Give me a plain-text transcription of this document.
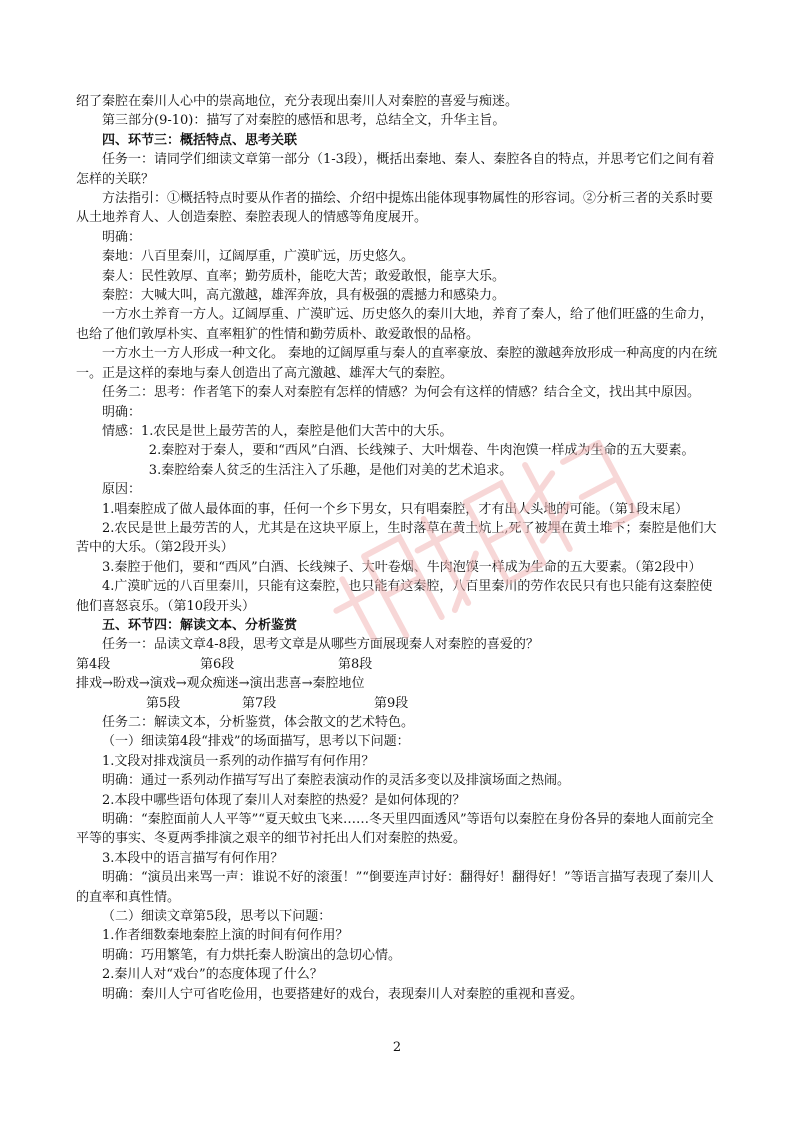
绍了秦腔在秦川人心中的崇高地位，充分表现出秦川人对秦腔的喜爱与痴迷。

第三部分(9-10)：描写了对秦腔的感悟和思考，总结全文，升华主旨。

四、环节三：概括特点、思考关联

任务一：请同学们细读文章第一部分（1-3段），概括出秦地、秦人、秦腔各自的特点，并思考它们之间有着怎样的关联？

方法指引：①概括特点时要从作者的描绘、介绍中提炼出能体现事物属性的形容词。②分析三者的关系时要从土地养育人、人创造秦腔、秦腔表现人的情感等角度展开。

明确：

秦地：八百里秦川，辽阔厚重，广漠旷远，历史悠久。

秦人：民性敦厚、直率；勤劳质朴，能吃大苦；敢爱敢恨，能享大乐。

秦腔：大喊大叫，高亢激越，雄浑奔放，具有极强的震撼力和感染力。

一方水土养育一方人。辽阔厚重、广漠旷远、历史悠久的秦川大地，养育了秦人，给了他们旺盛的生命力，也给了他们敦厚朴实、直率粗犷的性情和勤劳质朴、敢爱敢恨的品格。

一方水土一方人形成一种文化。 秦地的辽阔厚重与秦人的直率豪放、秦腔的激越奔放形成一种高度的内在统一。正是这样的秦地与秦人创造出了高亢激越、雄浑大气的秦腔。

任务二：思考：作者笔下的秦人对秦腔有怎样的情感？为何会有这样的情感？结合全文，找出其中原因。

明确：

情感：1.农民是世上最劳苦的人，秦腔是他们大苦中的大乐。

2.秦腔对于秦人，要和“西风”白酒、长线辣子、大叶烟卷、牛肉泡馍一样成为生命的五大要素。

3.秦腔给秦人贫乏的生活注入了乐趣，是他们对美的艺术追求。

原因：

1.唱秦腔成了做人最体面的事，任何一个乡下男女，只有唱秦腔，才有出人头地的可能。（第1段末尾）

2.农民是世上最劳苦的人，尤其是在这块平原上，生时落草在黄土炕上,死了被埋在黄土堆下；秦腔是他们大苦中的大乐。（第2段开头）

3.秦腔于他们，要和“西风”白酒、长线辣子、大叶卷烟、牛肉泡馍一样成为生命的五大要素。（第2段中）

4.广漠旷远的八百里秦川，只能有这秦腔，也只能有这秦腔，八百里秦川的劳作农民只有也只能有这秦腔使他们喜怒哀乐。（第10段开头）

五、环节四：解读文本、分析鉴赏

任务一：品读文章4-8段，思考文章是从哪些方面展现秦人对秦腔的喜爱的？

第4段	第6段	第8段

排戏→盼戏→演戏→观众痴迷→演出悲喜→秦腔地位

第5段	第7段	第9段

任务二：解读文本，分析鉴赏，体会散文的艺术特色。

（一）细读第4段“排戏”的场面描写，思考以下问题：

1.文段对排戏演员一系列的动作描写有何作用？

明确：通过一系列动作描写写出了秦腔表演动作的灵活多变以及排演场面之热闹。

2.本段中哪些语句体现了秦川人对秦腔的热爱？是如何体现的？

明确：“秦腔面前人人平等”“夏天蚊虫飞来……冬天里四面透风”等语句以秦腔在身份各异的秦地人面前完全平等的事实、冬夏两季排演之艰辛的细节衬托出人们对秦腔的热爱。

3.本段中的语言描写有何作用？

明确：“演员出来骂一声：谁说不好的滚蛋！”“倒要连声讨好：翻得好！翻得好！”等语言描写表现了秦川人的直率和真性情。

（二）细读文章第5段，思考以下问题：

1.作者细数秦地秦腔上演的时间有何作用？

明确：巧用繁笔，有力烘托秦人盼演出的急切心情。

2.秦川人对“戏台”的态度体现了什么？

明确：秦川人宁可省吃俭用，也要搭建好的戏台，表现秦川人对秦腔的重视和喜爱。

2
